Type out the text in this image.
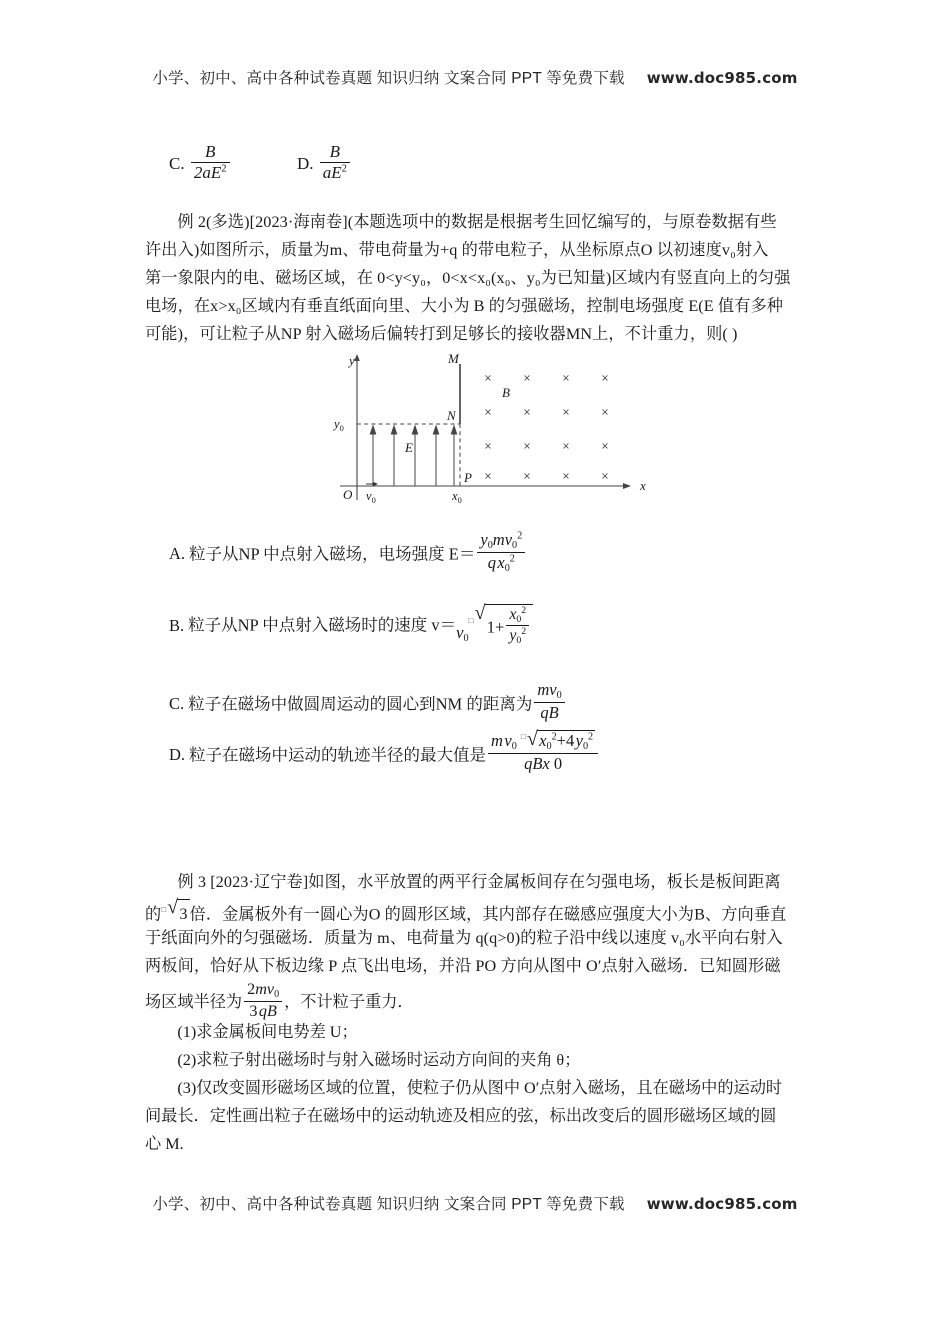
小学、初中、高中各种试卷真题 知识归纳 文案合同 PPT 等免费下载 www.doc985.com
C. $\frac{B}{2aE^2}$	D. $\frac{B}{aE^2}$
例 2(多选)[2023·海南卷](本题选项中的数据是根据考生回忆编写的，与原卷数据有些
许出入)如图所示，质量为m、带电荷量为+q 的带电粒子，从坐标原点O 以初速度v₀射入
第一象限内的电、磁场区域，在 0<y<y₀，0<x<x₀(x₀、y₀为已知量)区域内有竖直向上的匀强
电场，在x>x₀区域内有垂直纸面向里、大小为 B 的匀强磁场，控制电场强度 E(E 值有多种
可能)，可让粒子从NP 射入磁场后偏转打到足够长的接收器MN上，不计重力，则( )
×	×	×	×
×	×	×	×
×	×	×	×
×	×	×	×
y
x
O
M
N
P
B
E
$y_0$
$x_0$
$v_0$
A. 粒子从NP 中点射入磁场，电场强度 $E= \frac{y_0mv_0^2}{q x_0^2}$
B. 粒子从NP 中点射入磁场时的速度 $v=v_0□$ √ $1+ \frac{x_0^2}{y_0^2}$
C. 粒子在磁场中做圆周运动的圆心到NM 的距离为 $\frac{mv_0}{qB}$
D. 粒子在磁场中运动的轨迹半径的最大值是 $\frac{m v_0 □ √ x_0^2+4 y_0^2}{\text{qBx 0}}$
例 3 [2023·辽宁卷]如图，水平放置的两平行金属板间存在匀强电场，板长是板间距离
的□ √ 3 倍．金属板外有一圆心为O 的圆形区域，其内部存在磁感应强度大小为B、方向垂直
于纸面向外的匀强磁场．质量为 m、电荷量为 q(q>0)的粒子沿中线以速度 v₀水平向右射入
两板间，恰好从下板边缘 P 点飞出电场，并沿 PO 方向从图中 O′点射入磁场．已知圆形磁
场区域半径为 $\frac{2mv_0}{3 qB}$ ，不计粒子重力．
(1)求金属板间电势差 U；
(2)求粒子射出磁场时与射入磁场时运动方向间的夹角 θ；
(3)仅改变圆形磁场区域的位置，使粒子仍从图中 O′点射入磁场，且在磁场中的运动时
间最长．定性画出粒子在磁场中的运动轨迹及相应的弦，标出改变后的圆形磁场区域的圆
心 M.
小学、初中、高中各种试卷真题 知识归纳 文案合同 PPT 等免费下载 www.doc985.com
